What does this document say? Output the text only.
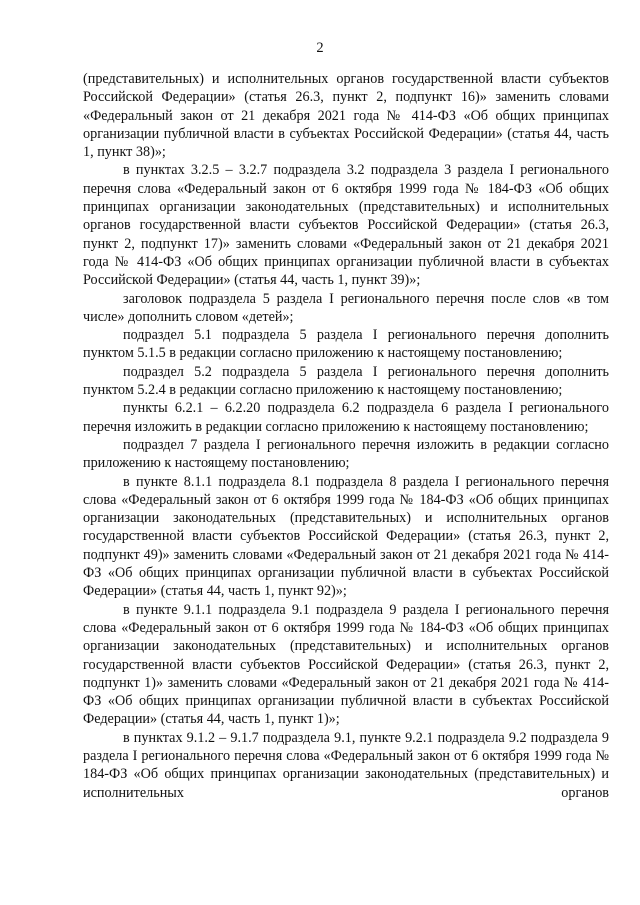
2

(представительных) и исполнительных органов государственной власти субъектов Российской Федерации» (статья 26.3, пункт 2, подпункт 16)» заменить словами «Федеральный закон от 21 декабря 2021 года № 414-ФЗ «Об общих принципах организации публичной власти в субъектах Российской Федерации» (статья 44, часть 1, пункт 38)»;

в пунктах 3.2.5 – 3.2.7 подраздела 3.2 подраздела 3 раздела I регионального перечня слова «Федеральный закон от 6 октября 1999 года № 184-ФЗ «Об общих принципах организации законодательных (представительных) и исполнительных органов государственной власти субъектов Российской Федерации» (статья 26.3, пункт 2, подпункт 17)» заменить словами «Федеральный закон от 21 декабря 2021 года № 414-ФЗ «Об общих принципах организации публичной власти в субъектах Российской Федерации» (статья 44, часть 1, пункт 39)»;

заголовок подраздела 5 раздела I регионального перечня после слов «в том числе» дополнить словом «детей»;

подраздел 5.1 подраздела 5 раздела I регионального перечня дополнить пунктом 5.1.5 в редакции согласно приложению к настоящему постановлению;

подраздел 5.2 подраздела 5 раздела I регионального перечня дополнить пунктом 5.2.4 в редакции согласно приложению к настоящему постановлению;

пункты 6.2.1 – 6.2.20 подраздела 6.2 подраздела 6 раздела I регионального перечня изложить в редакции согласно приложению к настоящему постановлению;

подраздел 7 раздела I регионального перечня изложить в редакции согласно приложению к настоящему постановлению;

в пункте 8.1.1 подраздела 8.1 подраздела 8 раздела I регионального перечня слова «Федеральный закон от 6 октября 1999 года № 184-ФЗ «Об общих принципах организации законодательных (представительных) и исполнительных органов государственной власти субъектов Российской Федерации» (статья 26.3, пункт 2, подпункт 49)» заменить словами «Федеральный закон от 21 декабря 2021 года № 414-ФЗ «Об общих принципах организации публичной власти в субъектах Российской Федерации» (статья 44, часть 1, пункт 92)»;

в пункте 9.1.1 подраздела 9.1 подраздела 9 раздела I регионального перечня слова «Федеральный закон от 6 октября 1999 года № 184-ФЗ «Об общих принципах организации законодательных (представительных) и исполнительных органов государственной власти субъектов Российской Федерации» (статья 26.3, пункт 2, подпункт 1)» заменить словами «Федеральный закон от 21 декабря 2021 года № 414-ФЗ «Об общих принципах организации публичной власти в субъектах Российской Федерации» (статья 44, часть 1, пункт 1)»;

в пунктах 9.1.2 – 9.1.7 подраздела 9.1, пункте 9.2.1 подраздела 9.2 подраздела 9 раздела I регионального перечня слова «Федеральный закон от 6 октября 1999 года № 184-ФЗ «Об общих принципах организации законодательных (представительных) и исполнительных органов
